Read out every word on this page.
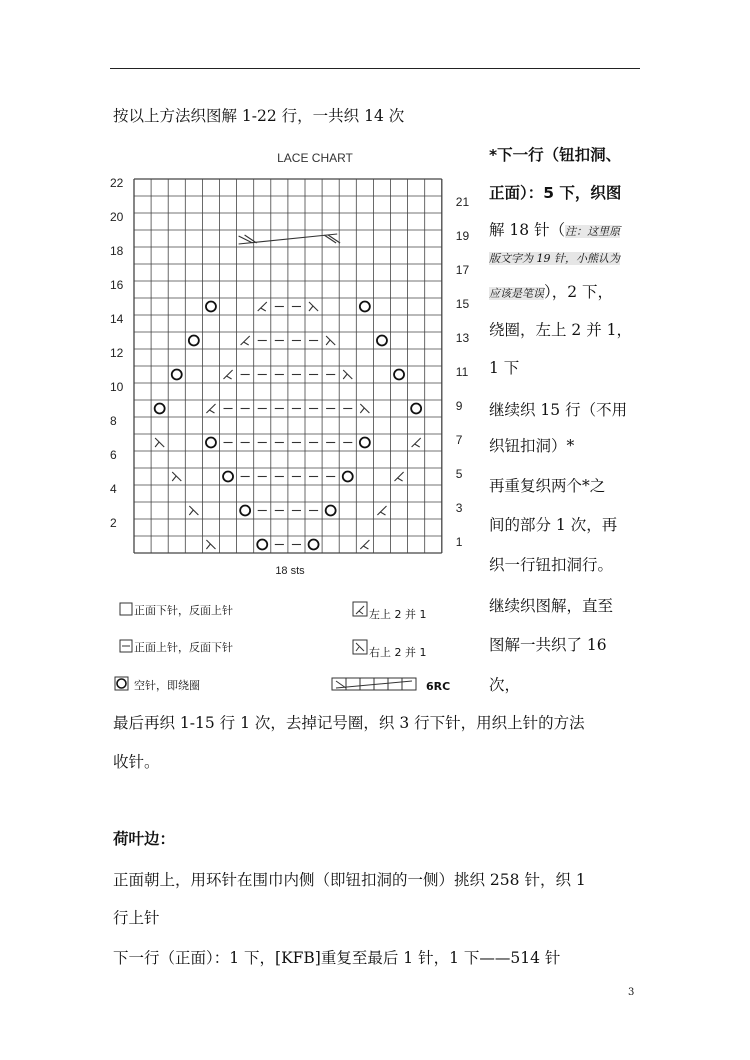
按以上方法织图解 1-22 行，一共织 14 次
LACE CHART
22
20
18
16
14
12
10
8
6
4
2
21
19
17
15
13
11
9
7
5
3
1
18 sts
正面下针，反面上针
正面上针，反面下针
空针，即绕圈
左上 2 并 1
右上 2 并 1
6RC
*下一行（钮扣洞、
正面）：5 下，织图
解 18 针（注：这里原
版文字为 19 针，小熊认为
应该是笔误），2 下，
绕圈，左上 2 并 1，
1 下
继续织 15 行（不用
织钮扣洞）*
再重复织两个*之
间的部分 1 次，再
织一行钮扣洞行。
继续织图解，直至
图解一共织了 16
次，
最后再织 1-15 行 1 次，去掉记号圈，织 3 行下针，用织上针的方法
收针。
荷叶边：
正面朝上，用环针在围巾内侧（即钮扣洞的一侧）挑织 258 针，织 1
行上针
下一行（正面）：1 下，[KFB]重复至最后 1 针，1 下——514 针
3
